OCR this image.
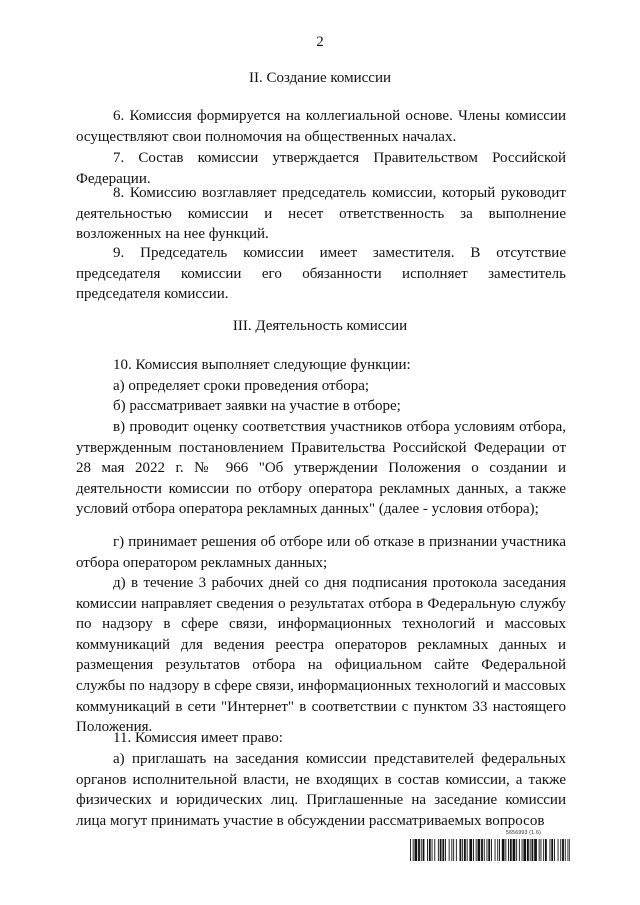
2
II. Создание комиссии

6. Комиссия формируется на коллегиальной основе. Члены комиссии осуществляют свои полномочия на общественных началах.

7. Состав комиссии утверждается Правительством Российской Федерации.

8. Комиссию возглавляет председатель комиссии, который руководит деятельностью комиссии и несет ответственность за выполнение возложенных на нее функций.

9. Председатель комиссии имеет заместителя. В отсутствие председателя комиссии его обязанности исполняет заместитель председателя комиссии.

III. Деятельность комиссии

10. Комиссия выполняет следующие функции:

а) определяет сроки проведения отбора;

б) рассматривает заявки на участие в отборе;

в) проводит оценку соответствия участников отбора условиям отбора, утвержденным постановлением Правительства Российской Федерации от 28 мая 2022 г. № 966 "Об утверждении Положения о создании и деятельности комиссии по отбору оператора рекламных данных, а также условий отбора оператора рекламных данных" (далее - условия отбора);

г) принимает решения об отборе или об отказе в признании участника отбора оператором рекламных данных;

д) в течение 3 рабочих дней со дня подписания протокола заседания комиссии направляет сведения о результатах отбора в Федеральную службу по надзору в сфере связи, информационных технологий и массовых коммуникаций для ведения реестра операторов рекламных данных и размещения результатов отбора на официальном сайте Федеральной службы по надзору в сфере связи, информационных технологий и массовых коммуникаций в сети "Интернет" в соответствии с пунктом 33 настоящего Положения.

11. Комиссия имеет право:

а) приглашать на заседания комиссии представителей федеральных органов исполнительной власти, не входящих в состав комиссии, а также физических и юридических лиц. Приглашенные на заседание комиссии лица могут принимать участие в обсуждении рассматриваемых вопросов

5656993 (1.6)
